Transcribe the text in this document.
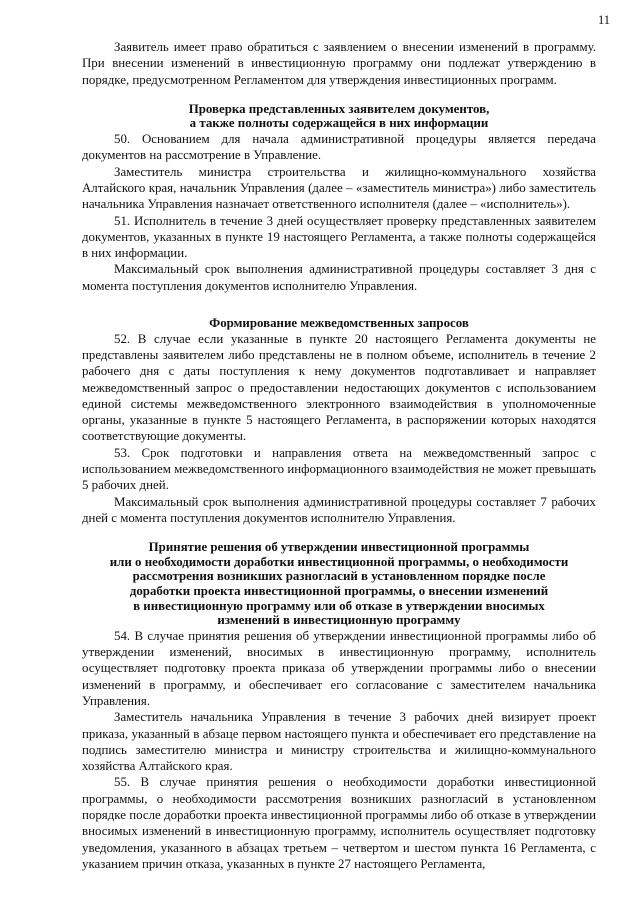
11

Заявитель имеет право обратиться с заявлением о внесении изменений в программу. При внесении изменений в инвестиционную программу они подлежат утверждению в порядке, предусмотренном Регламентом для утверждения инвестиционных программ.

Проверка представленных заявителем документов,
а также полноты содержащейся в них информации

50. Основанием для начала административной процедуры является передача документов на рассмотрение в Управление.

Заместитель министра строительства и жилищно-коммунального хозяйства Алтайского края, начальник Управления (далее – «заместитель министра») либо заместитель начальника Управления назначает ответственного исполнителя (далее – «исполнитель»).

51. Исполнитель в течение 3 дней осуществляет проверку представленных заявителем документов, указанных в пункте 19 настоящего Регламента, а также полноты содержащейся в них информации.

Максимальный срок выполнения административной процедуры составляет 3 дня с момента поступления документов исполнителю Управления.

Формирование межведомственных запросов

52. В случае если указанные в пункте 20 настоящего Регламента документы не представлены заявителем либо представлены не в полном объеме, исполнитель в течение 2 рабочего дня с даты поступления к нему документов подготавливает и направляет межведомственный запрос о предоставлении недостающих документов с использованием единой системы межведомственного электронного взаимодействия в уполномоченные органы, указанные в пункте 5 настоящего Регламента, в распоряжении которых находятся соответствующие документы.

53. Срок подготовки и направления ответа на межведомственный запрос с использованием межведомственного информационного взаимодействия не может превышать 5 рабочих дней.

Максимальный срок выполнения административной процедуры составляет 7 рабочих дней с момента поступления документов исполнителю Управления.

Принятие решения об утверждении инвестиционной программы
или о необходимости доработки инвестиционной программы, о необходимости
рассмотрения возникших разногласий в установленном порядке после
доработки проекта инвестиционной программы, о внесении изменений
в инвестиционную программу или об отказе в утверждении вносимых
изменений в инвестиционную программу

54. В случае принятия решения об утверждении инвестиционной программы либо об утверждении изменений, вносимых в инвестиционную программу, исполнитель осуществляет подготовку проекта приказа об утверждении программы либо о внесении изменений в программу, и обеспечивает его согласование с заместителем начальника Управления.

Заместитель начальника Управления в течение 3 рабочих дней визирует проект приказа, указанный в абзаце первом настоящего пункта и обеспечивает его представление на подпись заместителю министра и министру строительства и жилищно-коммунального хозяйства Алтайского края.

55. В случае принятия решения о необходимости доработки инвестиционной программы, о необходимости рассмотрения возникших разногласий в установленном порядке после доработки проекта инвестиционной программы либо об отказе в утверждении вносимых изменений в инвестиционную программу, исполнитель осуществляет подготовку уведомления, указанного в абзацах третьем – четвертом и шестом пункта 16 Регламента, с указанием причин отказа, указанных в пункте 27 настоящего Регламента,
